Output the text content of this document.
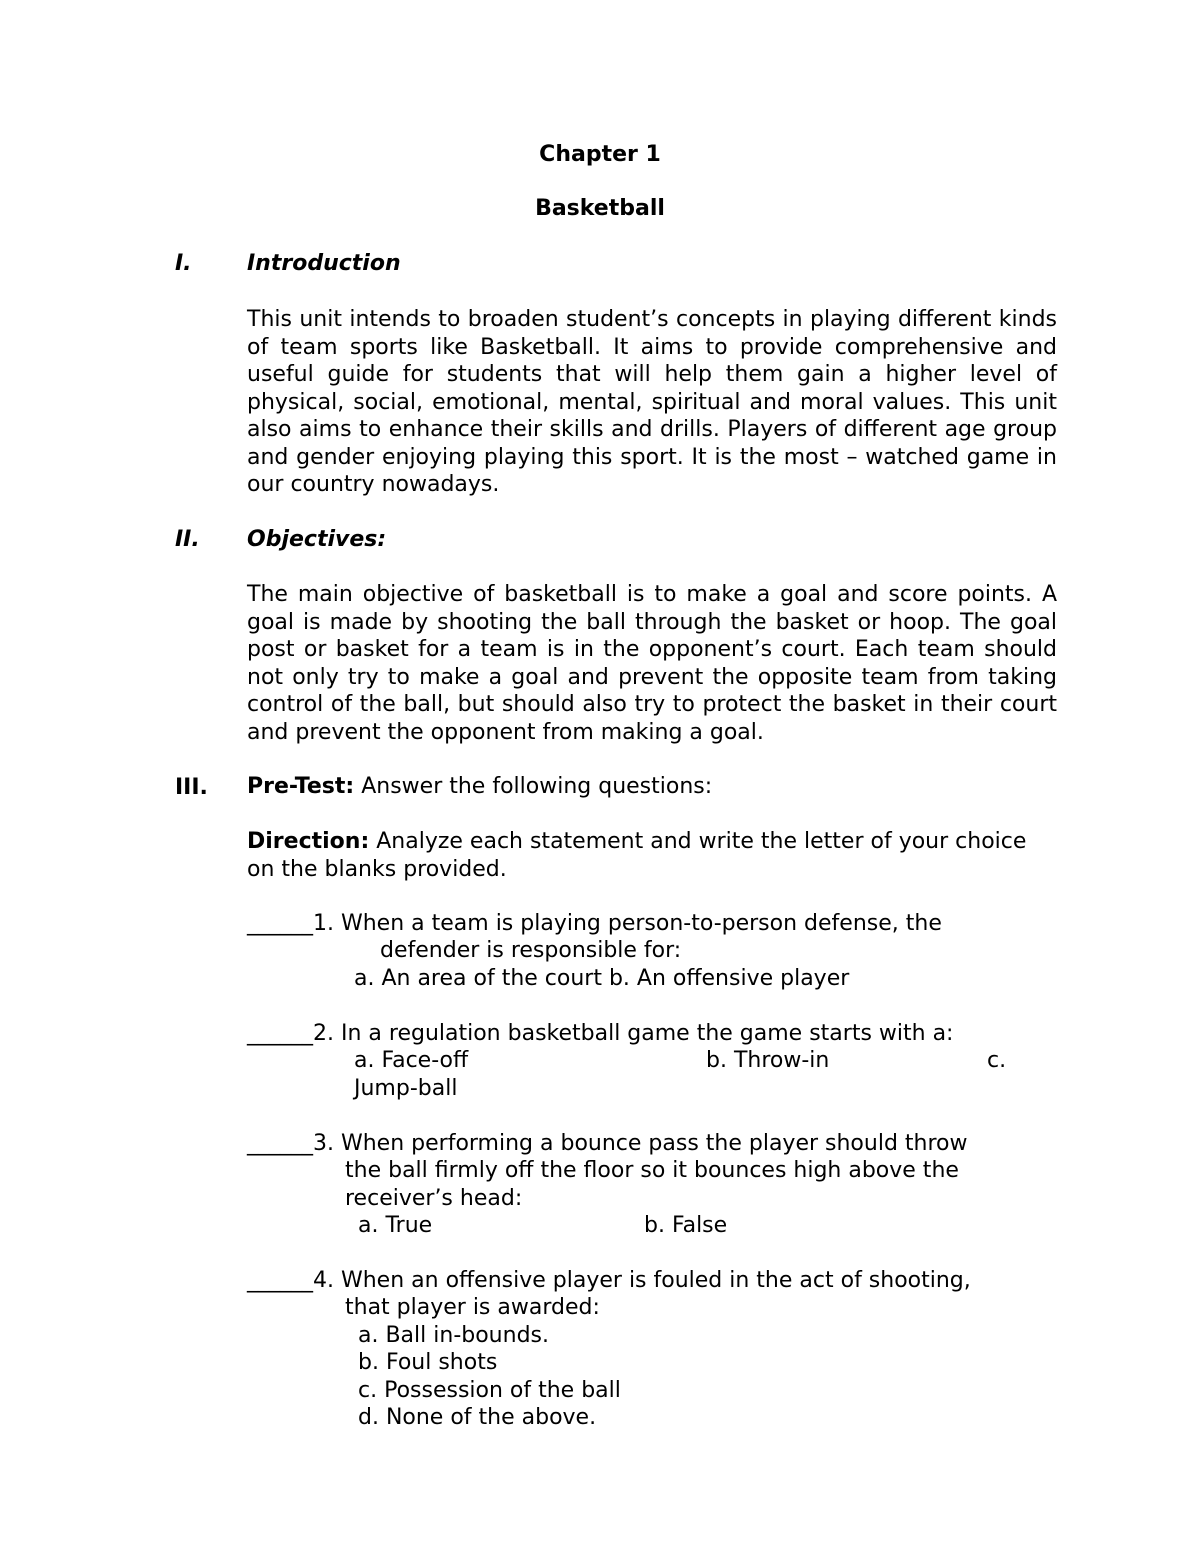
Chapter 1
Basketball
I.	Introduction

This unit intends to broaden student’s concepts in playing different kinds of team sports like Basketball. It aims to provide comprehensive and useful guide for students that will help them gain a higher level of physical, social, emotional, mental, spiritual and moral values. This unit also aims to enhance their skills and drills. Players of different age group and gender enjoying playing this sport. It is the most – watched game in our country nowadays.

II. Objectives:

The main objective of basketball is to make a goal and score points. A goal is made by shooting the ball through the basket or hoop. The goal post or basket for a team is in the opponent’s court. Each team should not only try to make a goal and prevent the opposite team from taking control of the ball, but should also try to protect the basket in their court and prevent the opponent from making a goal.

III. Pre-Test: Answer the following questions:

Direction: Analyze each statement and write the letter of your choice on the blanks provided.

______1. When a team is playing person-to-person defense, the
defender is responsible for:
a. An area of the court b. An offensive player
______2. In a regulation basketball game the game starts with a:
a. Face-off	b. Throw-in	c.
Jump-ball
______3. When performing a bounce pass the player should throw
the ball firmly off the floor so it bounces high above the
receiver’s head:
a. True	b. False
______4. When an offensive player is fouled in the act of shooting,
that player is awarded:
a. Ball in-bounds.
b. Foul shots
c. Possession of the ball
d. None of the above.
